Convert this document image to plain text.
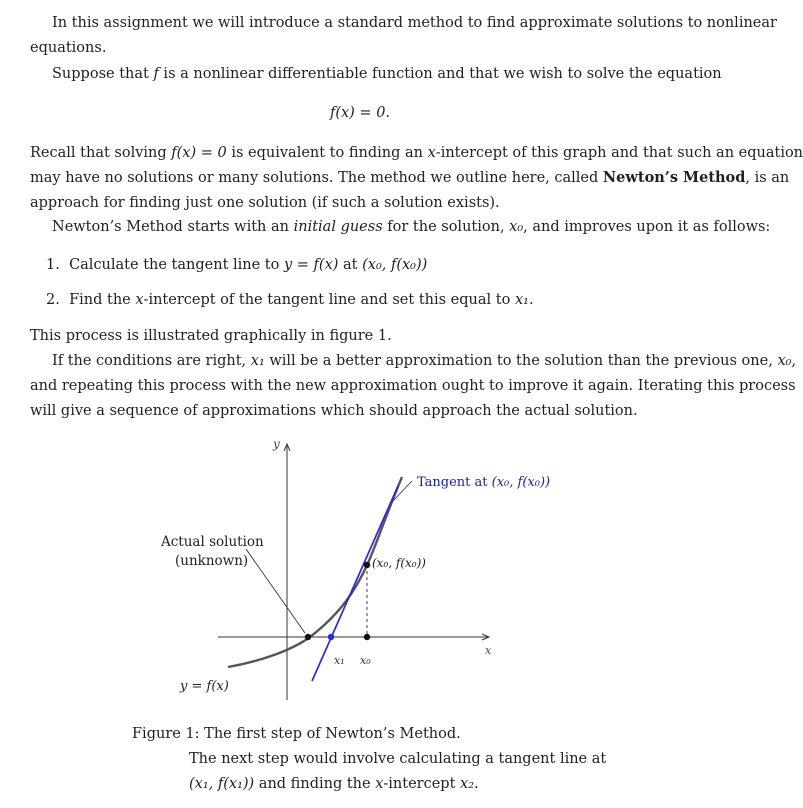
In this assignment we will introduce a standard method to find approximate solutions to nonlinear
equations.
Suppose that f is a nonlinear differentiable function and that we wish to solve the equation
f(x) = 0.
Recall that solving f(x) = 0 is equivalent to finding an x-intercept of this graph and that such an equation
may have no solutions or many solutions. The method we outline here, called Newton’s Method, is an
approach for finding just one solution (if such a solution exists).
Newton’s Method starts with an initial guess for the solution, x₀, and improves upon it as follows:
1. Calculate the tangent line to y = f(x) at (x₀, f(x₀))
2. Find the x-intercept of the tangent line and set this equal to x₁.
This process is illustrated graphically in figure 1.
If the conditions are right, x₁ will be a better approximation to the solution than the previous one, x₀,
and repeating this process with the new approximation ought to improve it again. Iterating this process
will give a sequence of approximations which should approach the actual solution.
y
x
x₁ x₀
(x₀, f(x₀))
Actual solution
(unknown)
Tangent at (x₀, f(x₀))
y = f(x)
Figure 1: The first step of Newton’s Method.
The next step would involve calculating a tangent line at
(x₁, f(x₁)) and finding the x-intercept x₂.
